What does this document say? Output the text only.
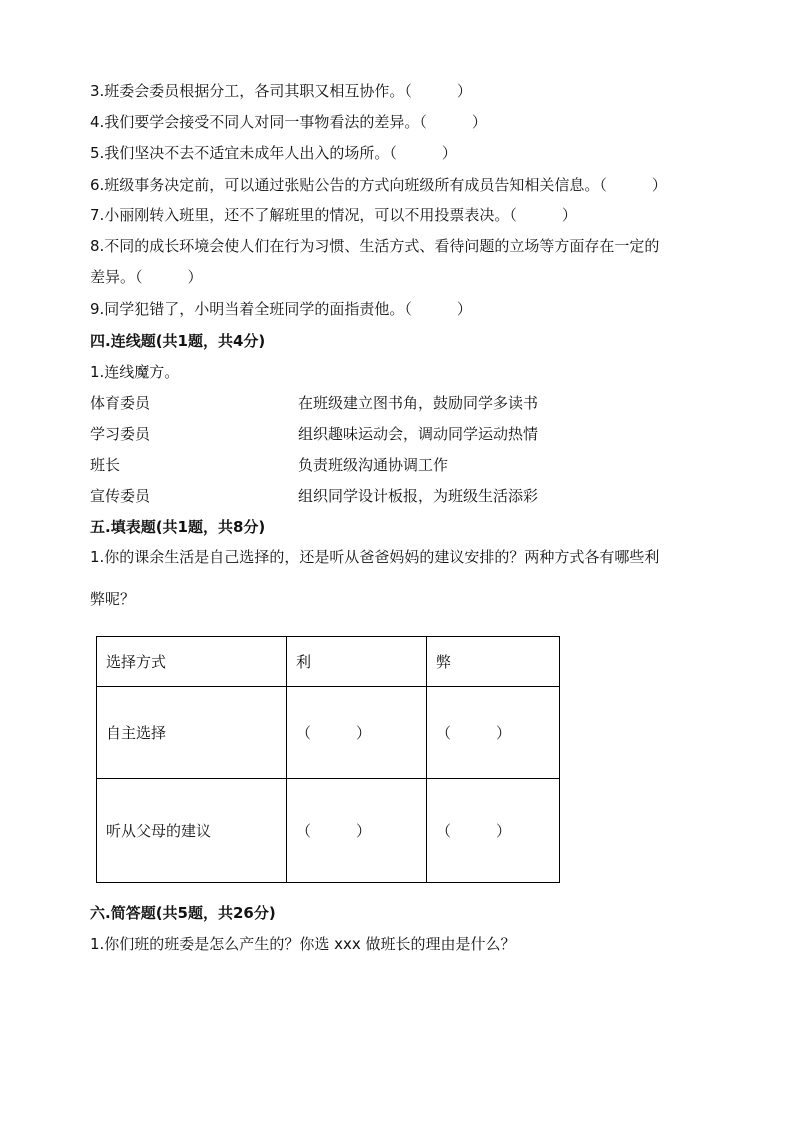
3.班委会委员根据分工，各司其职又相互协作。（　　　）
4.我们要学会接受不同人对同一事物看法的差异。（　　　）
5.我们坚决不去不适宜未成年人出入的场所。（　　　）
6.班级事务决定前，可以通过张贴公告的方式向班级所有成员告知相关信息。（　　　）
7.小丽刚转入班里，还不了解班里的情况，可以不用投票表决。（　　　）
8.不同的成长环境会使人们在行为习惯、生活方式、看待问题的立场等方面存在一定的
差异。（　　　）
9.同学犯错了，小明当着全班同学的面指责他。（　　　）
四.连线题(共1题，共4分)
1.连线魔方。
体育委员	在班级建立图书角，鼓励同学多读书
学习委员	组织趣味运动会，调动同学运动热情
班长	负责班级沟通协调工作
宣传委员	组织同学设计板报，为班级生活添彩
五.填表题(共1题，共8分)
1.你的课余生活是自己选择的，还是听从爸爸妈妈的建议安排的？两种方式各有哪些利
弊呢？
选择方式	利	弊
自主选择	（　　　）	（　　　）
听从父母的建议	（　　　）	（　　　）
六.简答题(共5题，共26分)
1.你们班的班委是怎么产生的？你选 xxx 做班长的理由是什么？
